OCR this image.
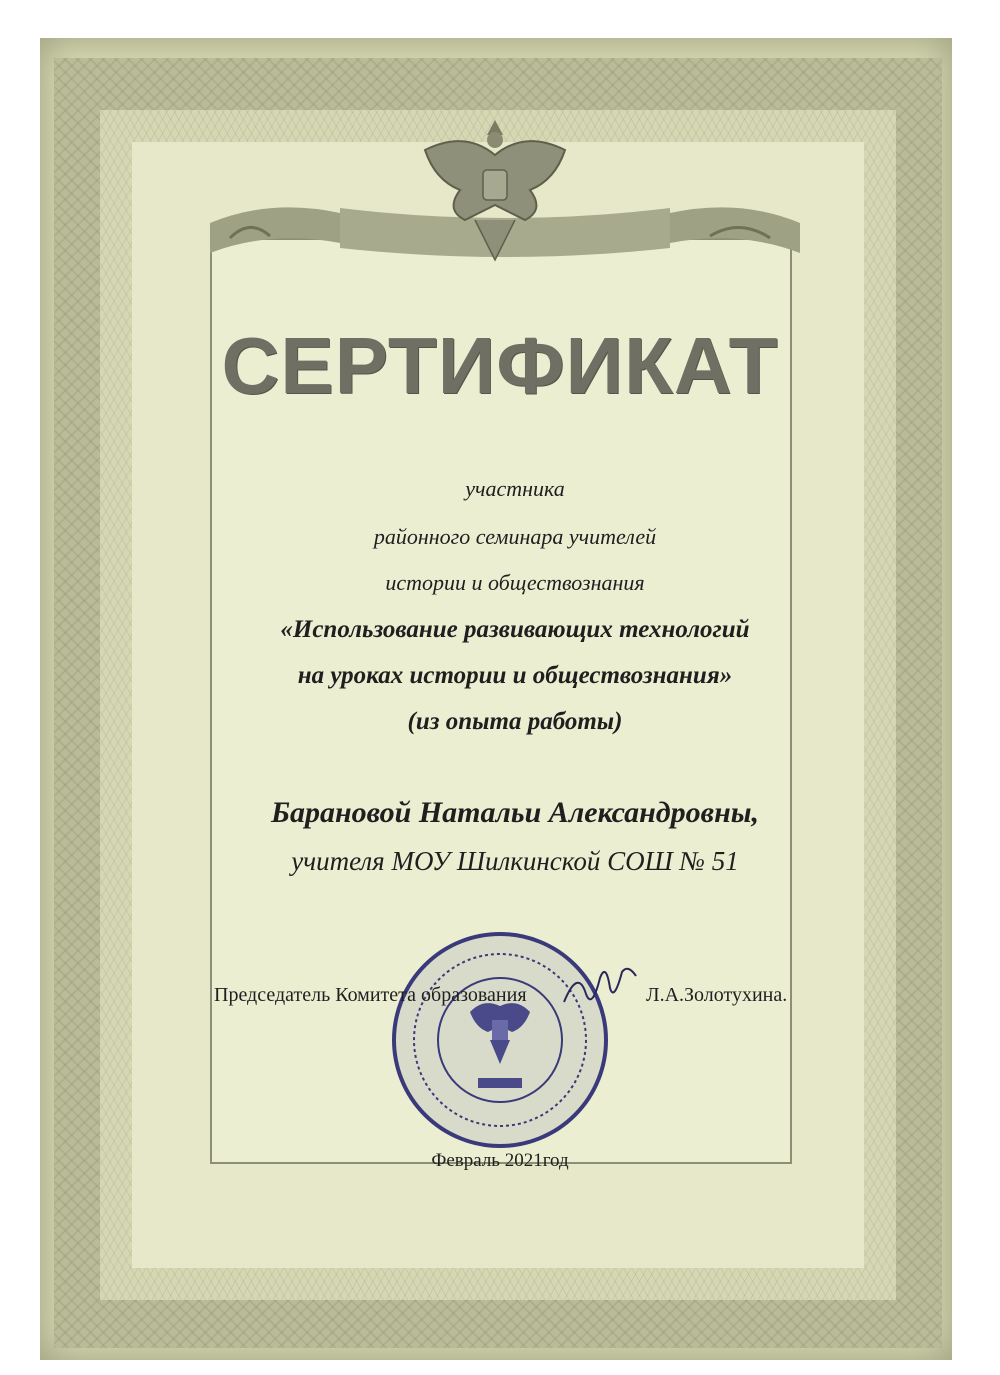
СЕРТИФИКАТ
участника
районного семинара учителей
истории и обществознания
«Использование развивающих технологий
на уроках истории и обществознания»
(из опыта работы)
Барановой Натальи Александровны,
учителя МОУ Шилкинской СОШ № 51
Председатель Комитета образования	Л.А.Золотухина.
Февраль 2021год
